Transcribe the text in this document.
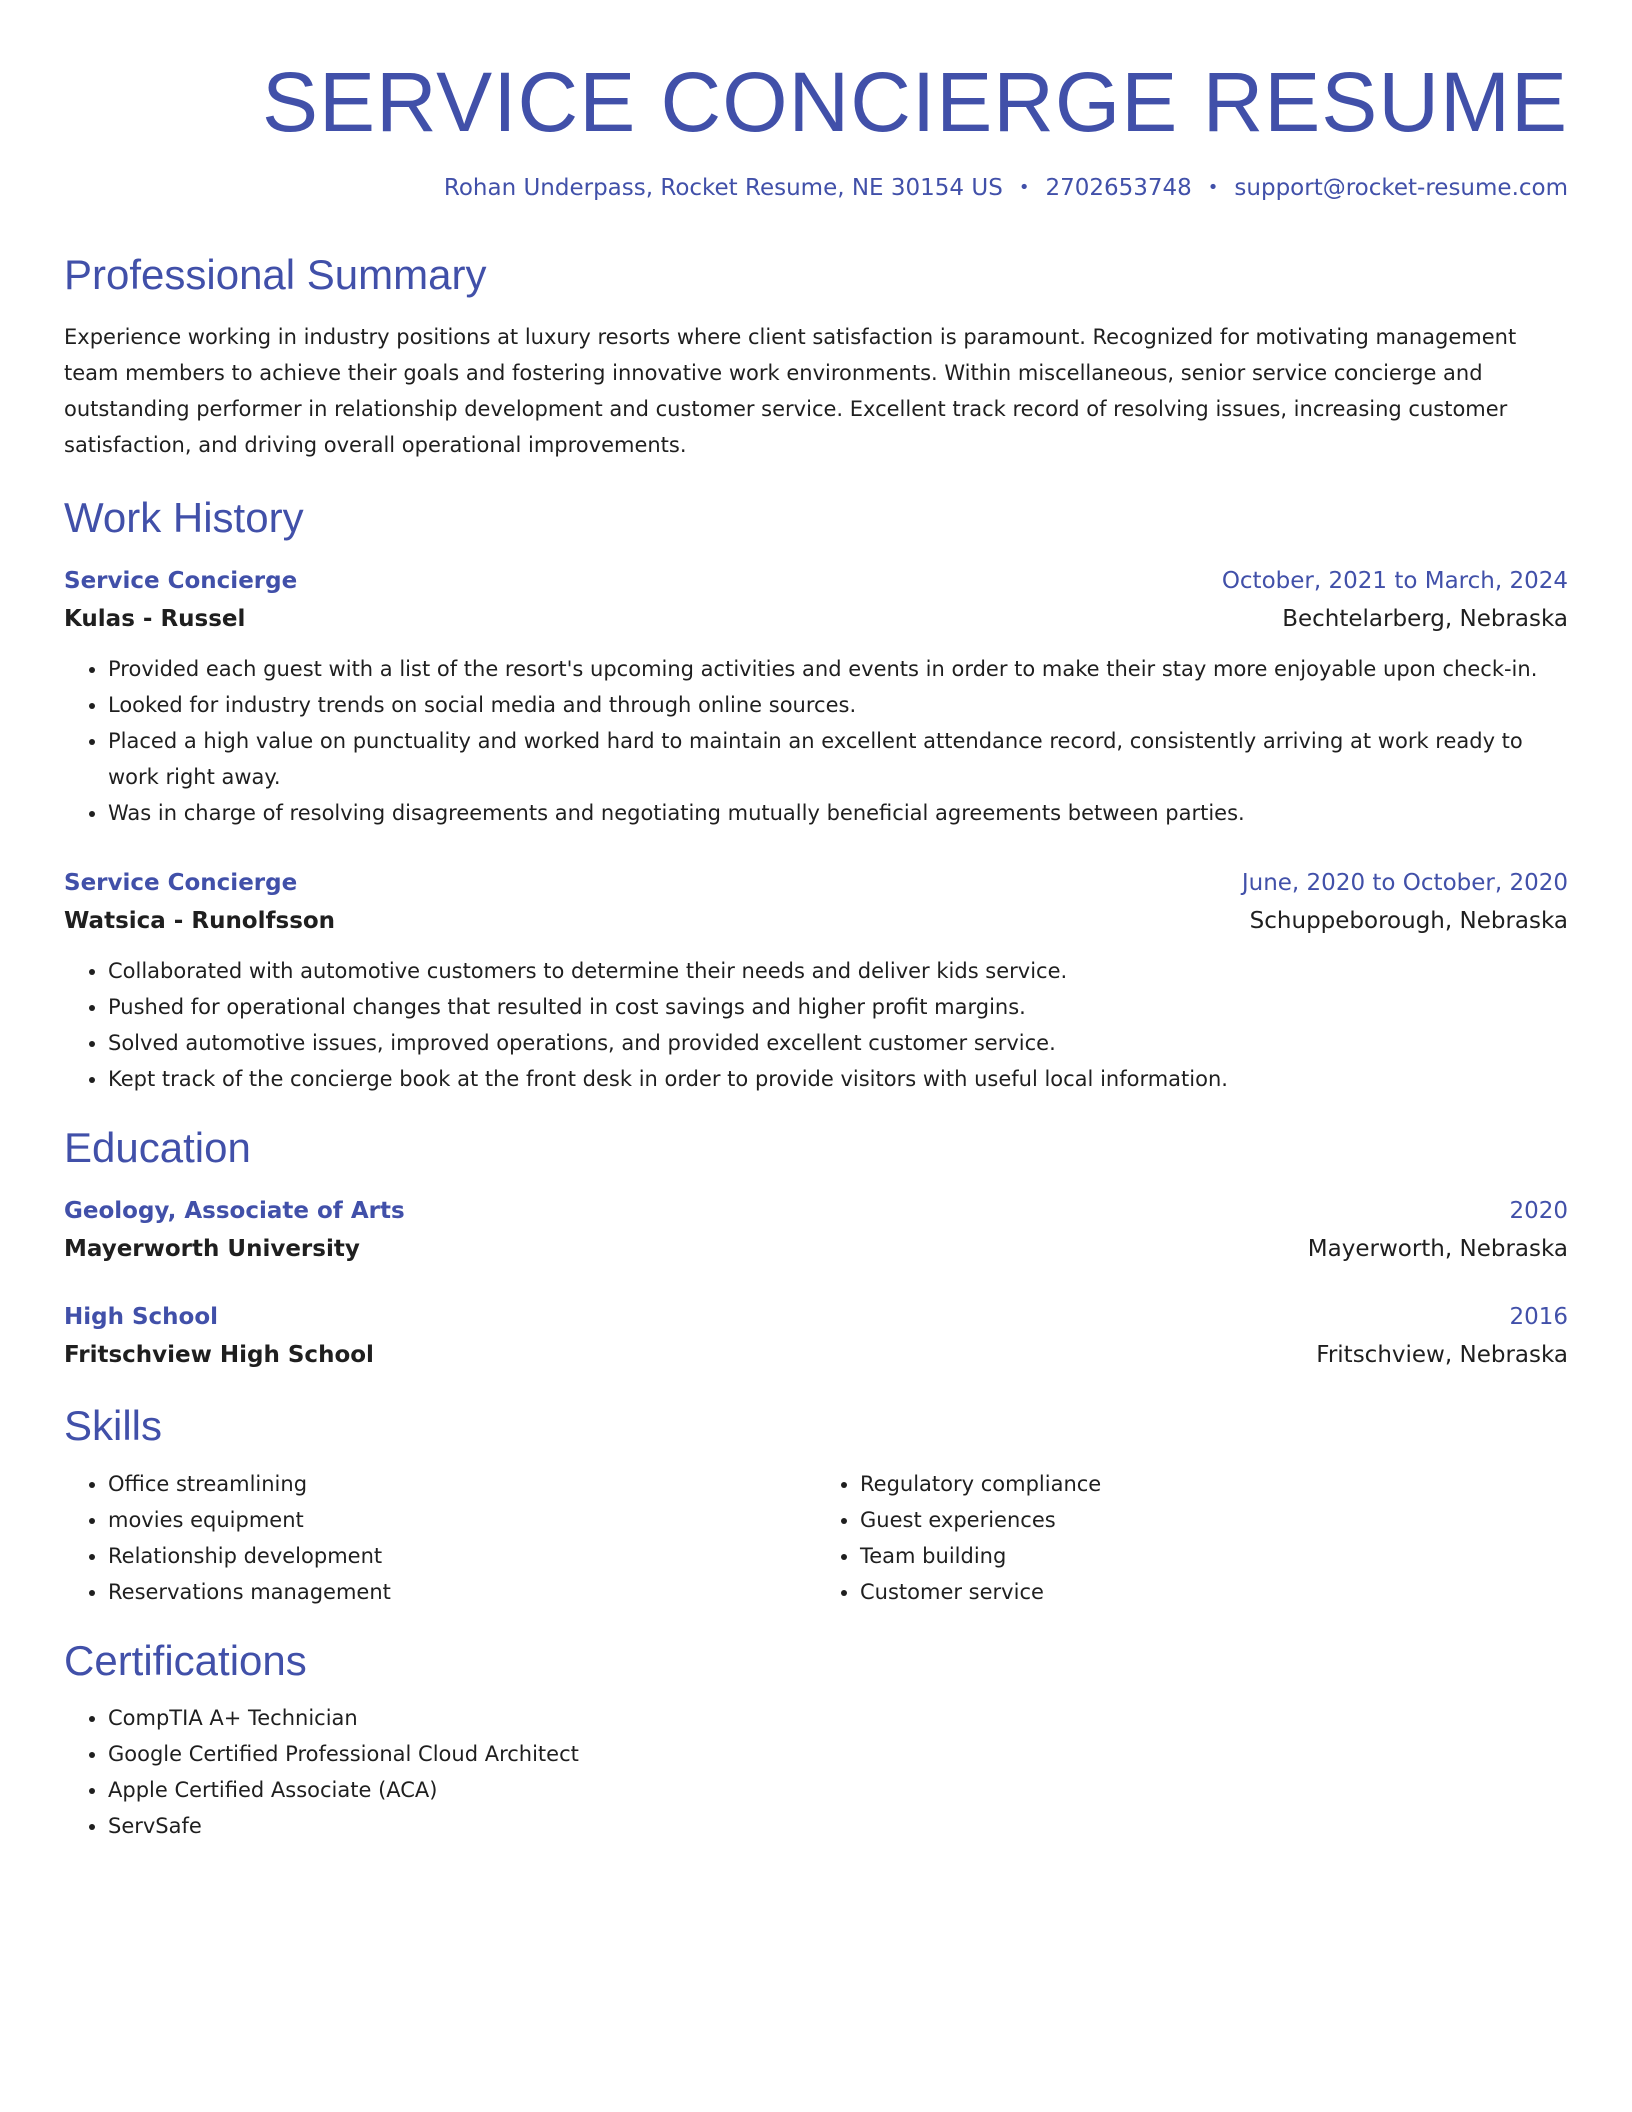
SERVICE CONCIERGE RESUME
Rohan Underpass, Rocket Resume, NE 30154 US • 2702653748 • support@rocket-resume.com
Professional Summary

Experience working in industry positions at luxury resorts where client satisfaction is paramount. Recognized for motivating management team members to achieve their goals and fostering innovative work environments. Within miscellaneous, senior service concierge and outstanding performer in relationship development and customer service. Excellent track record of resolving issues, increasing customer satisfaction, and driving overall operational improvements.

Work History
Service Concierge	October, 2021 to March, 2024
Kulas - Russel	Bechtelarberg, Nebraska
• Provided each guest with a list of the resort's upcoming activities and events in order to make their stay more enjoyable upon check-in.
• Looked for industry trends on social media and through online sources.
• Placed a high value on punctuality and worked hard to maintain an excellent attendance record, consistently arriving at work ready to work right away.
• Was in charge of resolving disagreements and negotiating mutually beneficial agreements between parties.
Service Concierge	June, 2020 to October, 2020
Watsica - Runolfsson	Schuppeborough, Nebraska
• Collaborated with automotive customers to determine their needs and deliver kids service.
• Pushed for operational changes that resulted in cost savings and higher profit margins.
• Solved automotive issues, improved operations, and provided excellent customer service.
• Kept track of the concierge book at the front desk in order to provide visitors with useful local information.
Education
Geology, Associate of Arts	2020
Mayerworth University	Mayerworth, Nebraska
High School	2016
Fritschview High School	Fritschview, Nebraska
Skills
• Office streamlining
• movies equipment
• Relationship development
• Reservations management
• Regulatory compliance
• Guest experiences
• Team building
• Customer service
Certifications
• CompTIA A+ Technician
• Google Certified Professional Cloud Architect
• Apple Certified Associate (ACA)
• ServSafe
